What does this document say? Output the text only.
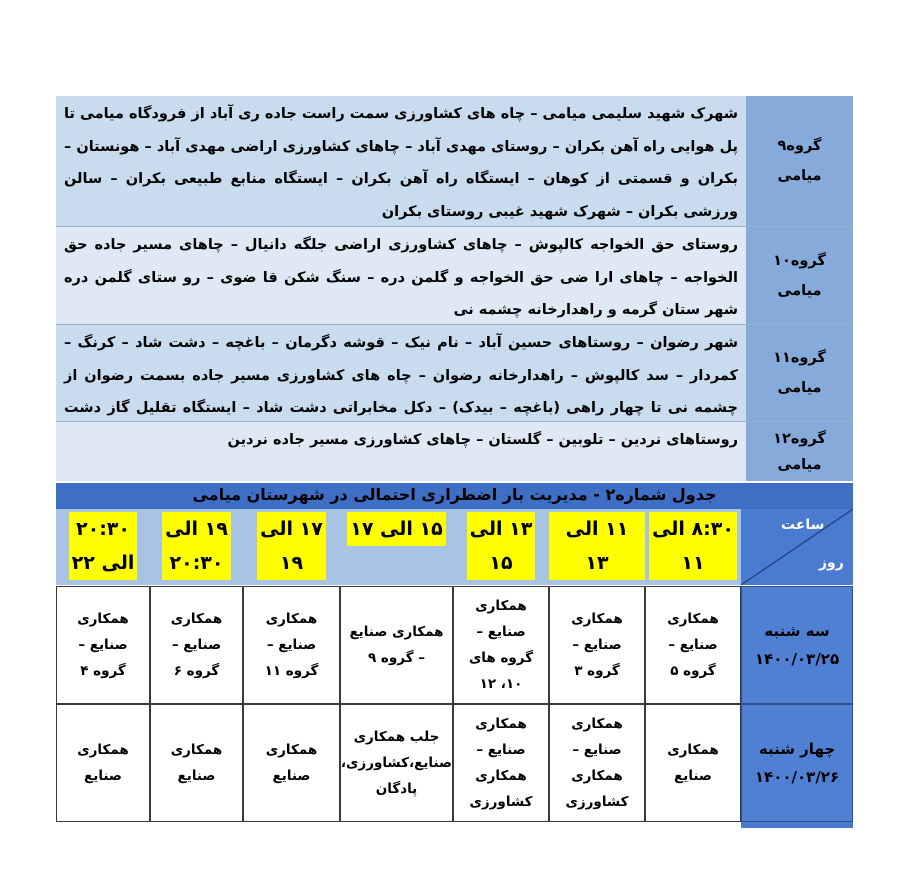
شهرک شهید سلیمی میامی – چاه های کشاورزی سمت راست جاده ری آباد از فرودگاه میامی تا پل هوایی راه آهن بکران – روستای مهدی آباد – چاهای کشاورزی اراضی مهدی آباد – هونستان – بکران و قسمتی از کوهان – ایستگاه راه آهن بکران – ایستگاه منابع طبیعی بکران – سالن ورزشی بکران – شهرک شهید غیبی روستای بکران
گروه۹
میامی
روستای حق الخواجه کالپوش – چاهای کشاورزی اراضی جلگه دانیال – چاهای مسیر جاده حق الخواجه – چاهای ارا ضی حق الخواجه و گلمن دره – سنگ شکن قا ضوی – رو ستای گلمن دره شهر ستان گرمه و راهدارخانه چشمه نی
گروه۱۰
میامی
شهر رضوان – روستاهای حسین آباد – نام نیک – قوشه دگرمان – باغچه – دشت شاد – کرنگ – کمردار – سد کالپوش – راهدارخانه رضوان – چاه های کشاورزی مسیر جاده بسمت رضوان از چشمه نی تا چهار راهی (باغچه – بیدک) – دکل مخابراتی دشت شاد – ایستگاه تقلیل گاز دشت
گروه۱۱
میامی
روستاهای نردین – تلوبین – گلستان – چاهای کشاورزی مسیر جاده نردین	گروه۱۲
میامی
جدول شماره۲ - مدیریت بار اضطراری احتمالی در شهرستان میامی
۸:۳۰ الی
۱۱
۱۱ الی ۱۳
۱۳ الی
۱۵
۱۵ الی ۱۷
۱۷ الی
۱۹
۱۹ الی
۲۰:۳۰
۲۰:۳۰
الی ۲۲
ساعت
روز
سه شنبه
۱۴۰۰/۰۳/۲۵
همکاری
صنایع –
گروه ۵
همکاری
صنایع –
گروه ۳
همکاری
صنایع –
گروه های
۱۰، ۱۲
همکاری صنایع
– گروه ۹
همکاری
صنایع –
گروه ۱۱
همکاری
صنایع –
گروه ۶
همکاری
صنایع –
گروه ۴
چهار شنبه
۱۴۰۰/۰۳/۲۶
همکاری
صنایع
همکاری
صنایع –
همکاری
کشاورزی
همکاری
صنایع –
همکاری
کشاورزی
جلب همکاری
صنایع،کشاورزی،
پادگان
همکاری
صنایع
همکاری
صنایع
همکاری
صنایع
